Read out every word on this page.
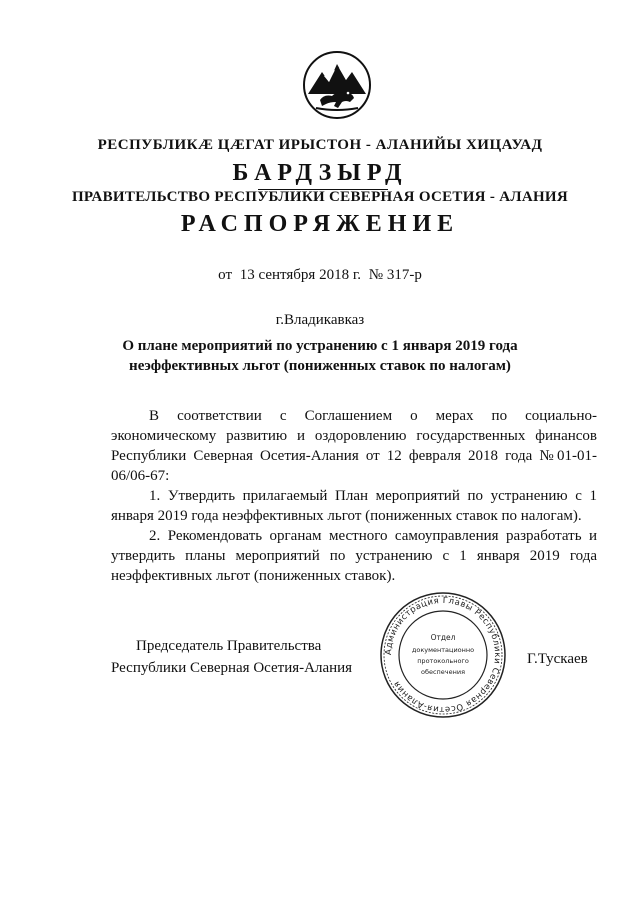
РЕСПУБЛИКӔ ЦӔГАТ ИРЫСТОН - АЛАНИЙЫ ХИЦАУАД
БАРДЗЫРД
ПРАВИТЕЛЬСТВО РЕСПУБЛИКИ СЕВЕРНАЯ ОСЕТИЯ - АЛАНИЯ
РАСПОРЯЖЕНИЕ
от 13 сентября 2018 г. № 317-р
г.Владикавказ
О плане мероприятий по устранению с 1 января 2019 года
неэффективных льгот (пониженных ставок по налогам)

В соответствии с Соглашением о мерах по социально-экономическому развитию и оздоровлению государственных финансов Республики Северная Осетия-Алания от 12 февраля 2018 года №01-01-06/06-67:

1. Утвердить прилагаемый План мероприятий по устранению с 1 января 2019 года неэффективных льгот (пониженных ставок по налогам).

2. Рекомендовать органам местного самоуправления разработать и утвердить планы мероприятий по устранению с 1 января 2019 года неэффективных льгот (пониженных ставок).

Председатель Правительства
Республики Северная Осетия-Алания
Администрация Главы Республики Северная Осетия-Алания
Отдел
документационно
протокольного
обеспечения
Г.Тускаев
